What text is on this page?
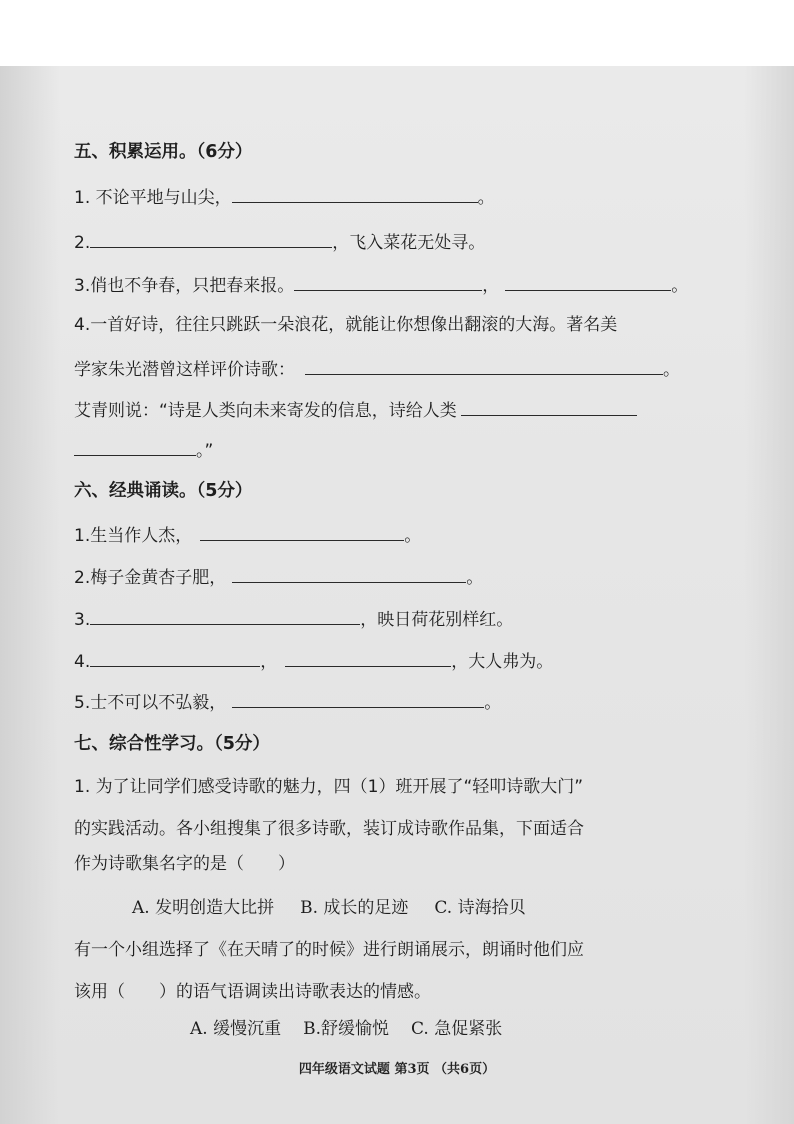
五、积累运用。（6分）
1. 不论平地与山尖，	。
2.	，飞入菜花无处寻。
3.俏也不争春，只把春来报。	，	。
4.一首好诗，往往只跳跃一朵浪花，就能让你想像出翻滚的大海。著名美
学家朱光潜曾这样评价诗歌：	。
艾青则说：“诗是人类向未来寄发的信息，诗给人类
。”
六、经典诵读。（5分）
1.生当作人杰，	。
2.梅子金黄杏子肥，	。
3.	，映日荷花别样红。
4.	，	，大人弗为。
5.士不可以不弘毅，	。
七、综合性学习。（5分）
1. 为了让同学们感受诗歌的魅力，四（1）班开展了“轻叩诗歌大门”
的实践活动。各小组搜集了很多诗歌，装订成诗歌作品集，下面适合
作为诗歌集名字的是（　　）
A. 发明创造大比拼 B. 成长的足迹 C. 诗海拾贝
有一个小组选择了《在天晴了的时候》进行朗诵展示，朗诵时他们应
该用（　　）的语气语调读出诗歌表达的情感。
A. 缓慢沉重 B.舒缓愉悦 C. 急促紧张
四年级语文试题 第3页 （共6页）
